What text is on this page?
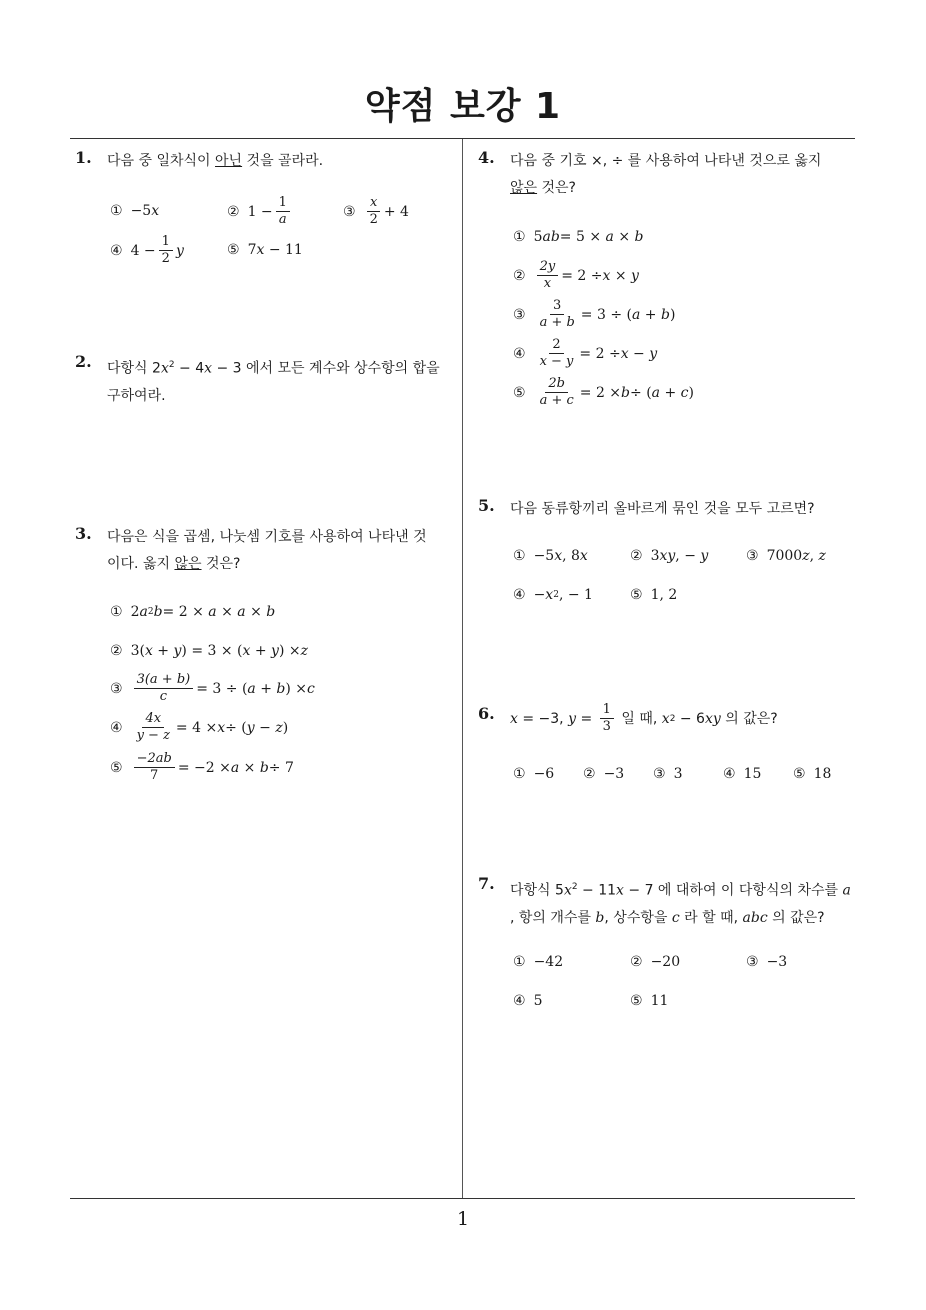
약점 보강 1
1. 다음 중 일차식이 아닌 것을 골라라.
① −5 x	② $1 - \frac{1}{a}$	③ $\frac{x}{2} + 4$
④ $4 - \frac{1}{2}$ y	⑤ 7 x
− 11
2. 다항식 $2x^2 - 4x - 3$ 에서 모든 계수와 상수항의 합을
구하여라.
3. 다음은 식을 곱셈, 나눗셈 기호를 사용하여 나타낸 것
이다. 옳지 않은 것은?
① 2 a 2 b = 2 ×
a × a × b
② 3( x + y ) = 3 × ( x + y ) × z
③ $\frac{3(a + b)}{c} = 3$ ÷ ( a + b ) × c
④ $\frac{4x}{y - z} = 4 \times x$ ÷ ( y − z )
⑤ $\frac{-2ab}{7} = -2 \times a \times b \div 7$
4. 다음 중 기호 ×, ÷ 를 사용하여 나타낸 것으로 옳지
않은 것은?
① 5 ab = 5 ×
a × b
② $\frac{2y}{x} = 2 \div x \times y$
③ $\frac{3}{a + b} = 3$ ÷ ( a + b )
④ $\frac{2}{x - y} = 2 \div x - y$
⑤ $\frac{2b}{a + c} = 2 \times b$ ÷ ( a + c )
5. 다음 동류항끼리 올바르게 묶인 것을 모두 고르면?
① −5 x , 8 x	② 3 xy , −
y	③ 7000 z ,
z
④ − x 2 , − 1	⑤ 1, 2
6. x = −3, $y = \frac{1}{3}$ 일 때, x 2 − 6 xy 의 값은?
① −6 ② −3 ③ 3	④ 15 ⑤ 18
7. 다항식 $5x^2 - 11x - 7$ 에 대하여 이 다항식의 차수를 a
, 항의 개수를 b, 상수항을 c 라 할 때, abc 의 값은?
① −42	② −20	③ −3
④ 5	⑤ 11
1
